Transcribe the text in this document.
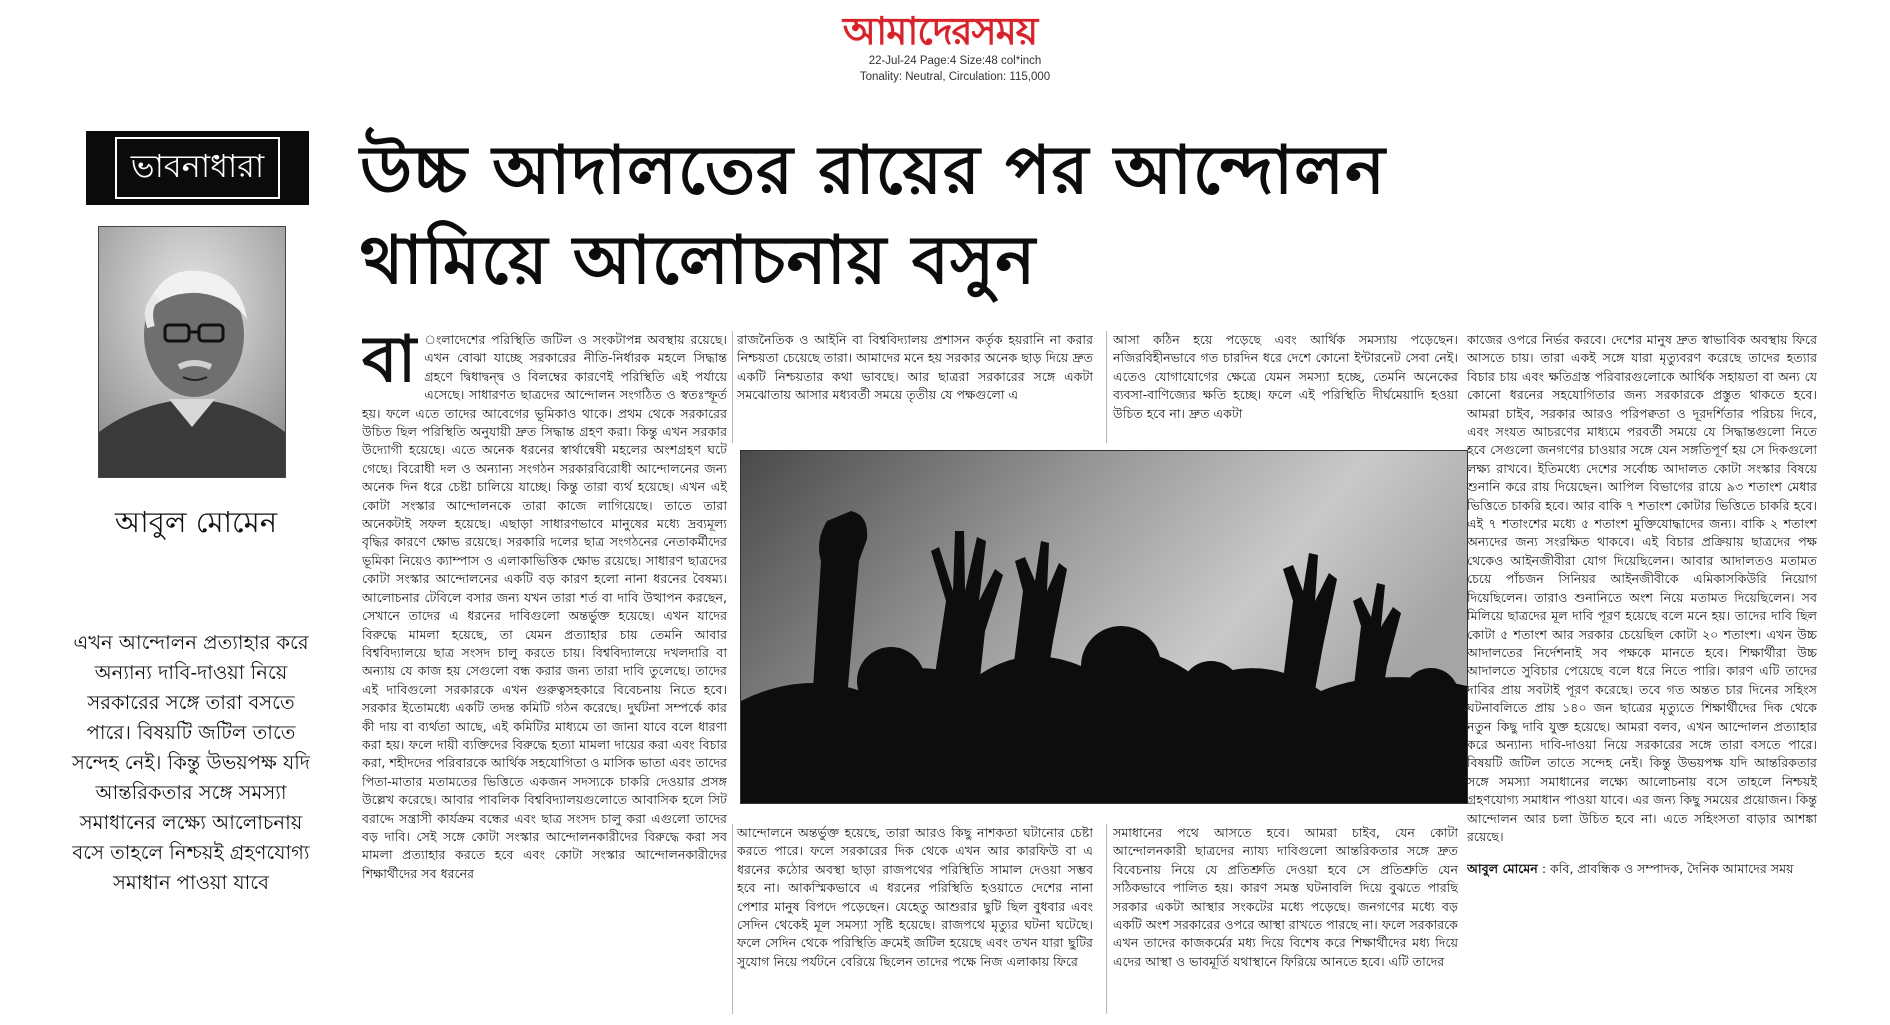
আমাদেরসময়
22-Jul-24 Page:4 Size:48 col*inch
Tonality: Neutral, Circulation: 115,000
ভাবনাধারা
আবুল মোমেন
এখন আন্দোলন প্রত্যাহার করে অন্যান্য দাবি-দাওয়া নিয়ে সরকারের সঙ্গে তারা বসতে পারে। বিষয়টি জটিল তাতে সন্দেহ নেই। কিন্তু উভয়পক্ষ যদি আন্তরিকতার সঙ্গে সমস্যা সমাধানের লক্ষ্যে আলোচনায় বসে তাহলে নিশ্চয়ই গ্রহণযোগ্য সমাধান পাওয়া যাবে
উচ্চ আদালতের রায়ের পর আন্দোলন
থামিয়ে আলোচনায় বসুন

বা ংলাদেশের পরিস্থিতি জটিল ও সংকটাপন্ন অবস্থায় রয়েছে। এখন বোঝা যাচ্ছে সরকারের নীতি-নির্ধারক মহলে সিদ্ধান্ত গ্রহণে দ্বিধাদ্বন্দ্ব ও বিলম্বের কারণেই পরিস্থিতি এই পর্যায়ে এসেছে। সাধারণত ছাত্রদের আন্দোলন সংগঠিত ও স্বতঃস্ফূর্ত হয়। ফলে এতে তাদের আবেগের ভূমিকাও থাকে। প্রথম থেকে সরকারের উচিত ছিল পরিস্থিতি অনুযায়ী দ্রুত সিদ্ধান্ত গ্রহণ করা। কিন্তু এখন সরকার উদ্যোগী হয়েছে। এতে অনেক ধরনের স্বার্থান্বেষী মহলের অংশগ্রহণ ঘটে গেছে। বিরোধী দল ও অন্যান্য সংগঠন সরকারবিরোধী আন্দোলনের জন্য অনেক দিন ধরে চেষ্টা চালিয়ে যাচ্ছে। কিন্তু তারা ব্যর্থ হয়েছে। এখন এই কোটা সংস্কার আন্দোলনকে তারা কাজে লাগিয়েছে। তাতে তারা অনেকটাই সফল হয়েছে। এছাড়া সাধারণভাবে মানুষের মধ্যে দ্রব্যমূল্য বৃদ্ধির কারণে ক্ষোভ রয়েছে। সরকারি দলের ছাত্র সংগঠনের নেতাকর্মীদের ভূমিকা নিয়েও ক্যাম্পাস ও এলাকাভিত্তিক ক্ষোভ রয়েছে। সাধারণ ছাত্রদের কোটা সংস্কার আন্দোলনের একটি বড় কারণ হলো নানা ধরনের বৈষম্য। আলোচনার টেবিলে বসার জন্য যখন তারা শর্ত বা দাবি উত্থাপন করছেন, সেখানে তাদের এ ধরনের দাবিগুলো অন্তর্ভুক্ত হয়েছে। এখন যাদের বিরুদ্ধে মামলা হয়েছে, তা যেমন প্রত্যাহার চায় তেমনি আবার বিশ্ববিদ্যালয়ে ছাত্র সংসদ চালু করতে চায়। বিশ্ববিদ্যালয়ে দখলদারি বা অন্যায় যে কাজ হয় সেগুলো বন্ধ করার জন্য তারা দাবি তুলেছে। তাদের এই দাবিগুলো সরকারকে এখন গুরুত্বসহকারে বিবেচনায় নিতে হবে। সরকার ইতোমধ্যে একটি তদন্ত কমিটি গঠন করেছে। দুর্ঘটনা সম্পর্কে কার কী দায় বা ব্যর্থতা আছে, এই কমিটির মাধ্যমে তা জানা যাবে বলে ধারণা করা হয়। ফলে দায়ী ব্যক্তিদের বিরুদ্ধে হত্যা মামলা দায়ের করা এবং বিচার করা, শহীদদের পরিবারকে আর্থিক সহযোগিতা ও মাসিক ভাতা এবং তাদের পিতা-মাতার মতামতের ভিত্তিতে একজন সদস্যকে চাকরি দেওয়ার প্রসঙ্গ উল্লেখ করেছে। আবার পাবলিক বিশ্ববিদ্যালয়গুলোতে আবাসিক হলে সিট বরাদ্দে সন্ত্রাসী কার্যক্রম বন্ধের এবং ছাত্র সংসদ চালু করা এগুলো তাদের বড় দাবি। সেই সঙ্গে কোটা সংস্কার আন্দোলনকারীদের বিরুদ্ধে করা সব মামলা প্রত্যাহার করতে হবে এবং কোটা সংস্কার আন্দোলনকারীদের শিক্ষার্থীদের সব ধরনের

রাজনৈতিক ও আইনি বা বিশ্ববিদ্যালয় প্রশাসন কর্তৃক হয়রানি না করার নিশ্চয়তা চেয়েছে তারা। আমাদের মনে হয় সরকার অনেক ছাড় দিয়ে দ্রুত একটি নিশ্চয়তার কথা ভাবছে। আর ছাত্ররা সরকারের সঙ্গে একটা সমঝোতায় আসার মধ্যবর্তী সময়ে তৃতীয় যে পক্ষগুলো এ
আসা কঠিন হয়ে পড়েছে এবং আর্থিক সমস্যায় পড়েছেন। নজিরবিহীনভাবে গত চারদিন ধরে দেশে কোনো ইন্টারনেট সেবা নেই। এতেও যোগাযোগের ক্ষেত্রে যেমন সমস্যা হচ্ছে, তেমনি অনেকের ব্যবসা-বাণিজ্যের ক্ষতি হচ্ছে। ফলে এই পরিস্থিতি দীর্ঘমেয়াদি হওয়া উচিত হবে না। দ্রুত একটা
আন্দোলনে অন্তর্ভুক্ত হয়েছে, তারা আরও কিছু নাশকতা ঘটানোর চেষ্টা করতে পারে। ফলে সরকারের দিক থেকে এখন আর কারফিউ বা এ ধরনের কঠোর অবস্থা ছাড়া রাজপথের পরিস্থিতি সামাল দেওয়া সম্ভব হবে না। আকস্মিকভাবে এ ধরনের পরিস্থিতি হওয়াতে দেশের নানা পেশার মানুষ বিপদে পড়েছেন। যেহেতু আশুরার ছুটি ছিল বুধবার এবং সেদিন থেকেই মূল সমস্যা সৃষ্টি হয়েছে। রাজপথে মৃত্যুর ঘটনা ঘটেছে। ফলে সেদিন থেকে পরিস্থিতি ক্রমেই জটিল হয়েছে এবং তখন যারা ছুটির সুযোগ নিয়ে পর্যটনে বেরিয়ে ছিলেন তাদের পক্ষে নিজ এলাকায় ফিরে
সমাধানের পথে আসতে হবে। আমরা চাইব, যেন কোটা আন্দোলনকারী ছাত্রদের ন্যায্য দাবিগুলো আন্তরিকতার সঙ্গে দ্রুত বিবেচনায় নিয়ে যে প্রতিশ্রুতি দেওয়া হবে সে প্রতিশ্রুতি যেন সঠিকভাবে পালিত হয়। কারণ সমস্ত ঘটনাবলি দিয়ে বুঝতে পারছি সরকার একটা আস্থার সংকটের মধ্যে পড়েছে। জনগণের মধ্যে বড় একটি অংশ সরকারের ওপরে আস্থা রাখতে পারছে না। ফলে সরকারকে এখন তাদের কাজকর্মের মধ্য দিয়ে বিশেষ করে শিক্ষার্থীদের মধ্য দিয়ে এদের আস্থা ও ভাবমূর্তি যথাস্থানে ফিরিয়ে আনতে হবে। এটি তাদের

কাজের ওপরে নির্ভর করবে। দেশের মানুষ দ্রুত স্বাভাবিক অবস্থায় ফিরে আসতে চায়। তারা একই সঙ্গে যারা মৃত্যুবরণ করেছে তাদের হত্যার বিচার চায় এবং ক্ষতিগ্রস্ত পরিবারগুলোকে আর্থিক সহায়তা বা অন্য যে কোনো ধরনের সহযোগিতার জন্য সরকারকে প্রস্তুত থাকতে হবে। আমরা চাইব, সরকার আরও পরিপক্বতা ও দূরদর্শিতার পরিচয় দিবে, এবং সংযত আচরণের মাধ্যমে পরবর্তী সময়ে যে সিদ্ধান্তগুলো নিতে হবে সেগুলো জনগণের চাওয়ার সঙ্গে যেন সঙ্গতিপূর্ণ হয় সে দিকগুলো লক্ষ্য রাখবে। ইতিমধ্যে দেশের সর্বোচ্চ আদালত কোটা সংস্কার বিষয়ে শুনানি করে রায় দিয়েছেন। আপিল বিভাগের রায়ে ৯৩ শতাংশ মেধার ভিত্তিতে চাকরি হবে। আর বাকি ৭ শতাংশ কোটার ভিত্তিতে চাকরি হবে। এই ৭ শতাংশের মধ্যে ৫ শতাংশ মুক্তিযোদ্ধাদের জন্য। বাকি ২ শতাংশ অন্যদের জন্য সংরক্ষিত থাকবে। এই বিচার প্রক্রিয়ায় ছাত্রদের পক্ষ থেকেও আইনজীবীরা যোগ দিয়েছিলেন। আবার আদালতও মতামত চেয়ে পাঁচজন সিনিয়র আইনজীবীকে এমিকাসকিউরি নিয়োগ দিয়েছিলেন। তারাও শুনানিতে অংশ নিয়ে মতামত দিয়েছিলেন। সব মিলিয়ে ছাত্রদের মূল দাবি পূরণ হয়েছে বলে মনে হয়। তাদের দাবি ছিল কোটা ৫ শতাংশ আর সরকার চেয়েছিল কোটা ২০ শতাংশ। এখন উচ্চ আদালতের নির্দেশনাই সব পক্ষকে মানতে হবে। শিক্ষার্থীরা উচ্চ আদালতে সুবিচার পেয়েছে বলে ধরে নিতে পারি। কারণ এটি তাদের দাবির প্রায় সবটাই পূরণ করেছে। তবে গত অন্তত চার দিনের সহিংস ঘটনাবলিতে প্রায় ১৪০ জন ছাত্রের মৃত্যুতে শিক্ষার্থীদের দিক থেকে নতুন কিছু দাবি যুক্ত হয়েছে। আমরা বলব, এখন আন্দোলন প্রত্যাহার করে অন্যান্য দাবি-দাওয়া নিয়ে সরকারের সঙ্গে তারা বসতে পারে। বিষয়টি জটিল তাতে সন্দেহ নেই। কিন্তু উভয়পক্ষ যদি আন্তরিকতার সঙ্গে সমস্যা সমাধানের লক্ষ্যে আলোচনায় বসে তাহলে নিশ্চয়ই গ্রহণযোগ্য সমাধান পাওয়া যাবে। এর জন্য কিছু সময়ের প্রয়োজন। কিন্তু আন্দোলন আর চলা উচিত হবে না। এতে সহিংসতা বাড়ার আশঙ্কা রয়েছে।

আবুল মোমেন : কবি, প্রাবন্ধিক ও সম্পাদক, দৈনিক আমাদের সময়
